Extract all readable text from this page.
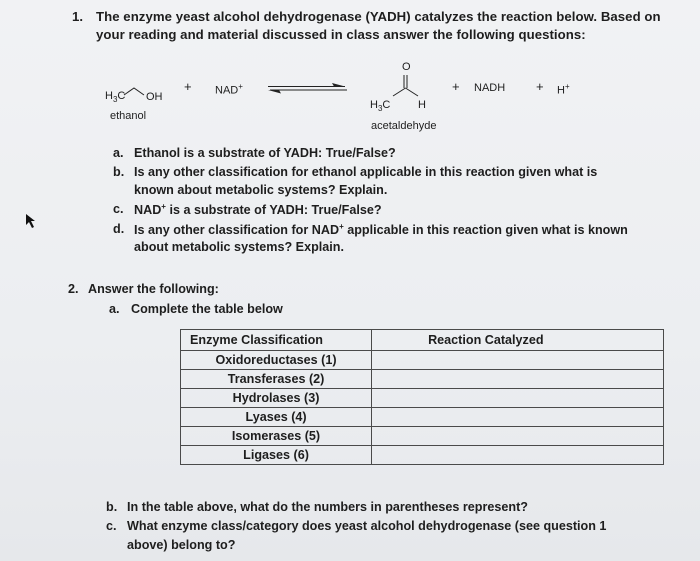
1. The enzyme yeast alcohol dehydrogenase (YADH) catalyzes the reaction below. Based on
your reading and material discussed in class answer the following questions:
$H_3C$ OH
ethanol
+ NAD+
O
$H_3C$	H
acetaldehyde
+ NADH + H+
a. Ethanol is a substrate of YADH: True/False?
b. Is any other classification for ethanol applicable in this reaction given what is
known about metabolic systems? Explain.
c. NAD+ is a substrate of YADH: True/False?
d. Is any other classification for NAD+ applicable in this reaction given what is known
about metabolic systems? Explain.
2. Answer the following:
a. Complete the table below
Enzyme Classification	Reaction Catalyzed
Oxidoreductases (1)	
Transferases (2)	
Hydrolases (3)	
Lyases (4)	
Isomerases (5)	
Ligases (6)	
b. In the table above, what do the numbers in parentheses represent?
c. What enzyme class/category does yeast alcohol dehydrogenase (see question 1
above) belong to?
